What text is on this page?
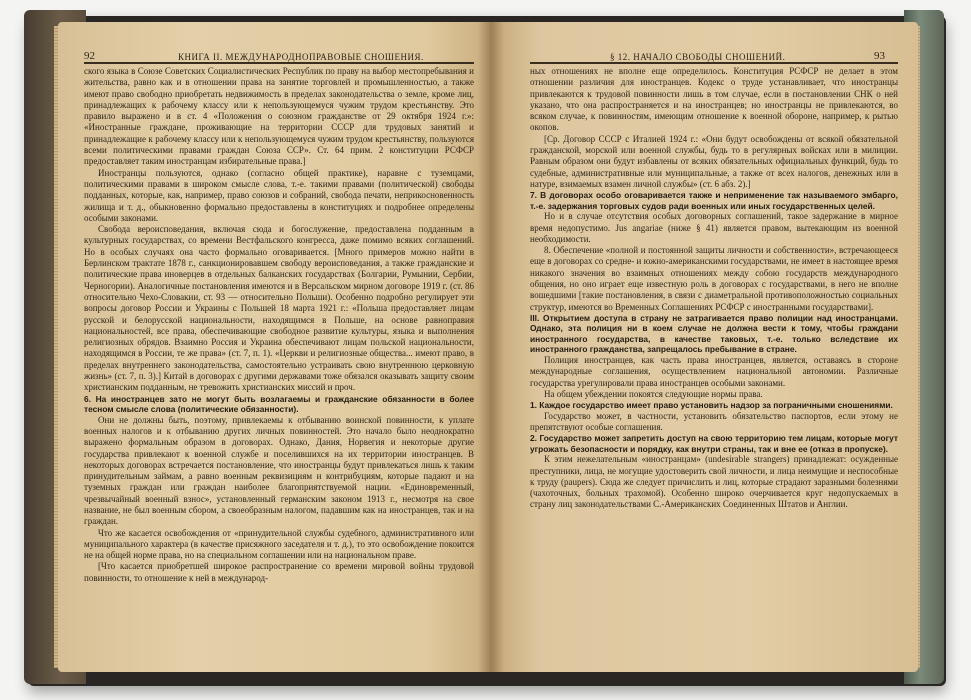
92	КНИГА II. МЕЖДУНАРОДНОПРАВОВЫЕ СНОШЕНИЯ.

ского языка в Союзе Советских Социалистических Республик по праву на выбор местопребывания и жительства, равно как и в отношении права на занятие торговлей и промышленностью, а также имеют право свободно приобретать недвижимость в пределах законодательства о земле, кроме лиц, принадлежащих к рабочему классу или к непользующемуся чужим трудом крестьянству. Это правило выражено и в ст. 4 «Положения о союзном гражданстве от 29 октября 1924 г.»: «Иностранные граждане, проживающие на территории СССР для трудовых занятий и принадлежащие к рабочему классу или к непользующемуся чужим трудом крестьянству, пользуются всеми политическими правами граждан Союза ССР». Ст. 64 прим. 2 конституции РСФСР предоставляет таким иностранцам избирательные права.]

Иностранцы пользуются, однако (согласно общей практике), наравне с туземцами, политическими правами в широком смысле слова, т.-е. такими правами (политической) свободы подданных, которые, как, например, право союзов и собраний, свобода печати, неприкосновенность жилища и т. д., обыкновенно формально предоставлены в конституциях и подробнее определены особыми законами.

Свобода вероисповедания, включая сюда и богослужение, предоставлена подданным в культурных государствах, со времени Вестфальского конгресса, даже помимо всяких соглашений. Но в особых случаях она часто формально оговаривается. [Много примеров можно найти в Берлинском трактате 1878 г., санкционировавшем свободу вероисповедания, а также гражданские и политические права иноверцев в отдельных балканских государствах (Болгарии, Румынии, Сербии, Черногории). Аналогичные постановления имеются и в Версальском мирном договоре 1919 г. (ст. 86 относительно Чехо-Словакии, ст. 93 — относительно Польши). Особенно подробно регулирует эти вопросы договор России и Украины с Польшей 18 марта 1921 г.: «Польша предоставляет лицам русской и белорусской национальности, находящимся в Польше, на основе равноправия национальностей, все права, обеспечивающие свободное развитие культуры, языка и выполнения религиозных обрядов. Взаимно Россия и Украина обеспечивают лицам польской национальности, находящимся в России, те же права» (ст. 7, п. 1). «Церкви и религиозные общества... имеют право, в пределах внутреннего законодательства, самостоятельно устраивать свою внутреннюю церковную жизнь» (ст. 7, п. 3).] Китай в договорах с другими державами тоже обязался оказывать защиту своим христианским подданным, не тревожить христианских миссий и проч.

6. На иностранцев зато не могут быть возлагаемы и гражданские обязанности в более тесном смысле слова (политические обязанности).

Они не должны быть, поэтому, привлекаемы к отбыванию воинской повинности, к уплате военных налогов и к отбыванию других личных повинностей. Это начало было неоднократно выражено формальным образом в договорах. Однако, Дания, Норвегия и некоторые другие государства привлекают к военной службе и поселившихся на их территории иностранцев. В некоторых договорах встречается постановление, что иностранцы будут привлекаться лишь к таким принудительным займам, а равно военным реквизициям и контрибуциям, которые падают и на туземных граждан или граждан наиболее благоприятствуемой нации. «Единовременный, чрезвычайный военный взнос», установленный германским законом 1913 г., несмотря на свое название, не был военным сбором, а своеобразным налогом, падавшим как на иностранцев, так и на граждан.

Что же касается освобождения от «принудительной службы судебного, административного или муниципального характера (в качестве присяжного заседателя и т. д.), то это освобождение покоится не на общей норме права, но на специальном соглашении или на национальном праве.

[Что касается приобретшей широкое распространение со времени мировой войны трудовой повинности, то отношение к ней в международ-

§ 12. НАЧАЛО СВОБОДЫ СНОШЕНИЙ.	93

ных отношениях не вполне еще определилось. Конституция РСФСР не делает в этом отношении различия для иностранцев. Кодекс о труде устанавливает, что иностранцы привлекаются к трудовой повинности лишь в том случае, если в постановлении СНК о ней указано, что она распространяется и на иностранцев; но иностранцы не привлекаются, во всяком случае, к повинностям, имеющим отношение к военной обороне, например, к рытью окопов.

[Ср. Договор СССР с Италией 1924 г.: «Они будут освобождены от всякой обязательной гражданской, морской или военной службы, будь то в регулярных войсках или в милиции. Равным образом они будут избавлены от всяких обязательных официальных функций, будь то судебные, административные или муниципальные, а также от всех налогов, денежных или в натуре, взимаемых взамен личной службы» (ст. 6 абз. 2).]

7. В договорах особо оговаривается также и неприменение так называемого эмбарго, т.-е. задержания торговых судов ради военных или иных государственных целей.

Но и в случае отсутствия особых договорных соглашений, такое задержание в мирное время недопустимо. Jus angariae (ниже § 41) является правом, вытекающим из военной необходимости.

8. Обеспечение «полной и постоянной защиты личности и собственности», встречающееся еще в договорах со средне- и южно-американскими государствами, не имеет в настоящее время никакого значения во взаимных отношениях между собою государств международного общения, но оно играет еще известную роль в договорах с государствами, в него не вполне вошедшими [такие постановления, в связи с диаметральной противоположностью социальных структур, имеются во Временных Соглашениях РСФСР с иностранными государствами].

III. Открытием доступа в страну не затрагивается право полиции над иностранцами. Однако, эта полиция ни в коем случае не должна вести к тому, чтобы граждани иностранного государства, в качестве таковых, т.-е. только вследствие их иностранного гражданства, запрещалось пребывание в стране.

Полиция иностранцев, как часть права иностранцев, является, оставаясь в стороне международные соглашения, осуществлением национальной автономии. Различные государства урегулировали права иностранцев особыми законами.

На общем убеждении покоятся следующие нормы права.

1. Каждое государство имеет право установить надзор за пограничными сношениями.

Государство может, в частности, установить обязательство паспортов, если этому не препятствуют особые соглашения.

2. Государство может запретить доступ на свою территорию тем лицам, которые могут угрожать безопасности и порядку, как внутри страны, так и вне ее (отказ в пропуске).

К этим нежелательным «иностранцам» (undesirable strangers) принадлежат: осужденные преступники, лица, не могущие удостоверить свой личности, и лица неимущие и неспособные к труду (paupers). Сюда же следует причислить и лиц, которые страдают заразными болезнями (чахоточных, больных трахомой). Особенно широко очерчивается круг недопускаемых в страну лиц законодательствами С.-Американских Соединенных Штатов и Англии.
